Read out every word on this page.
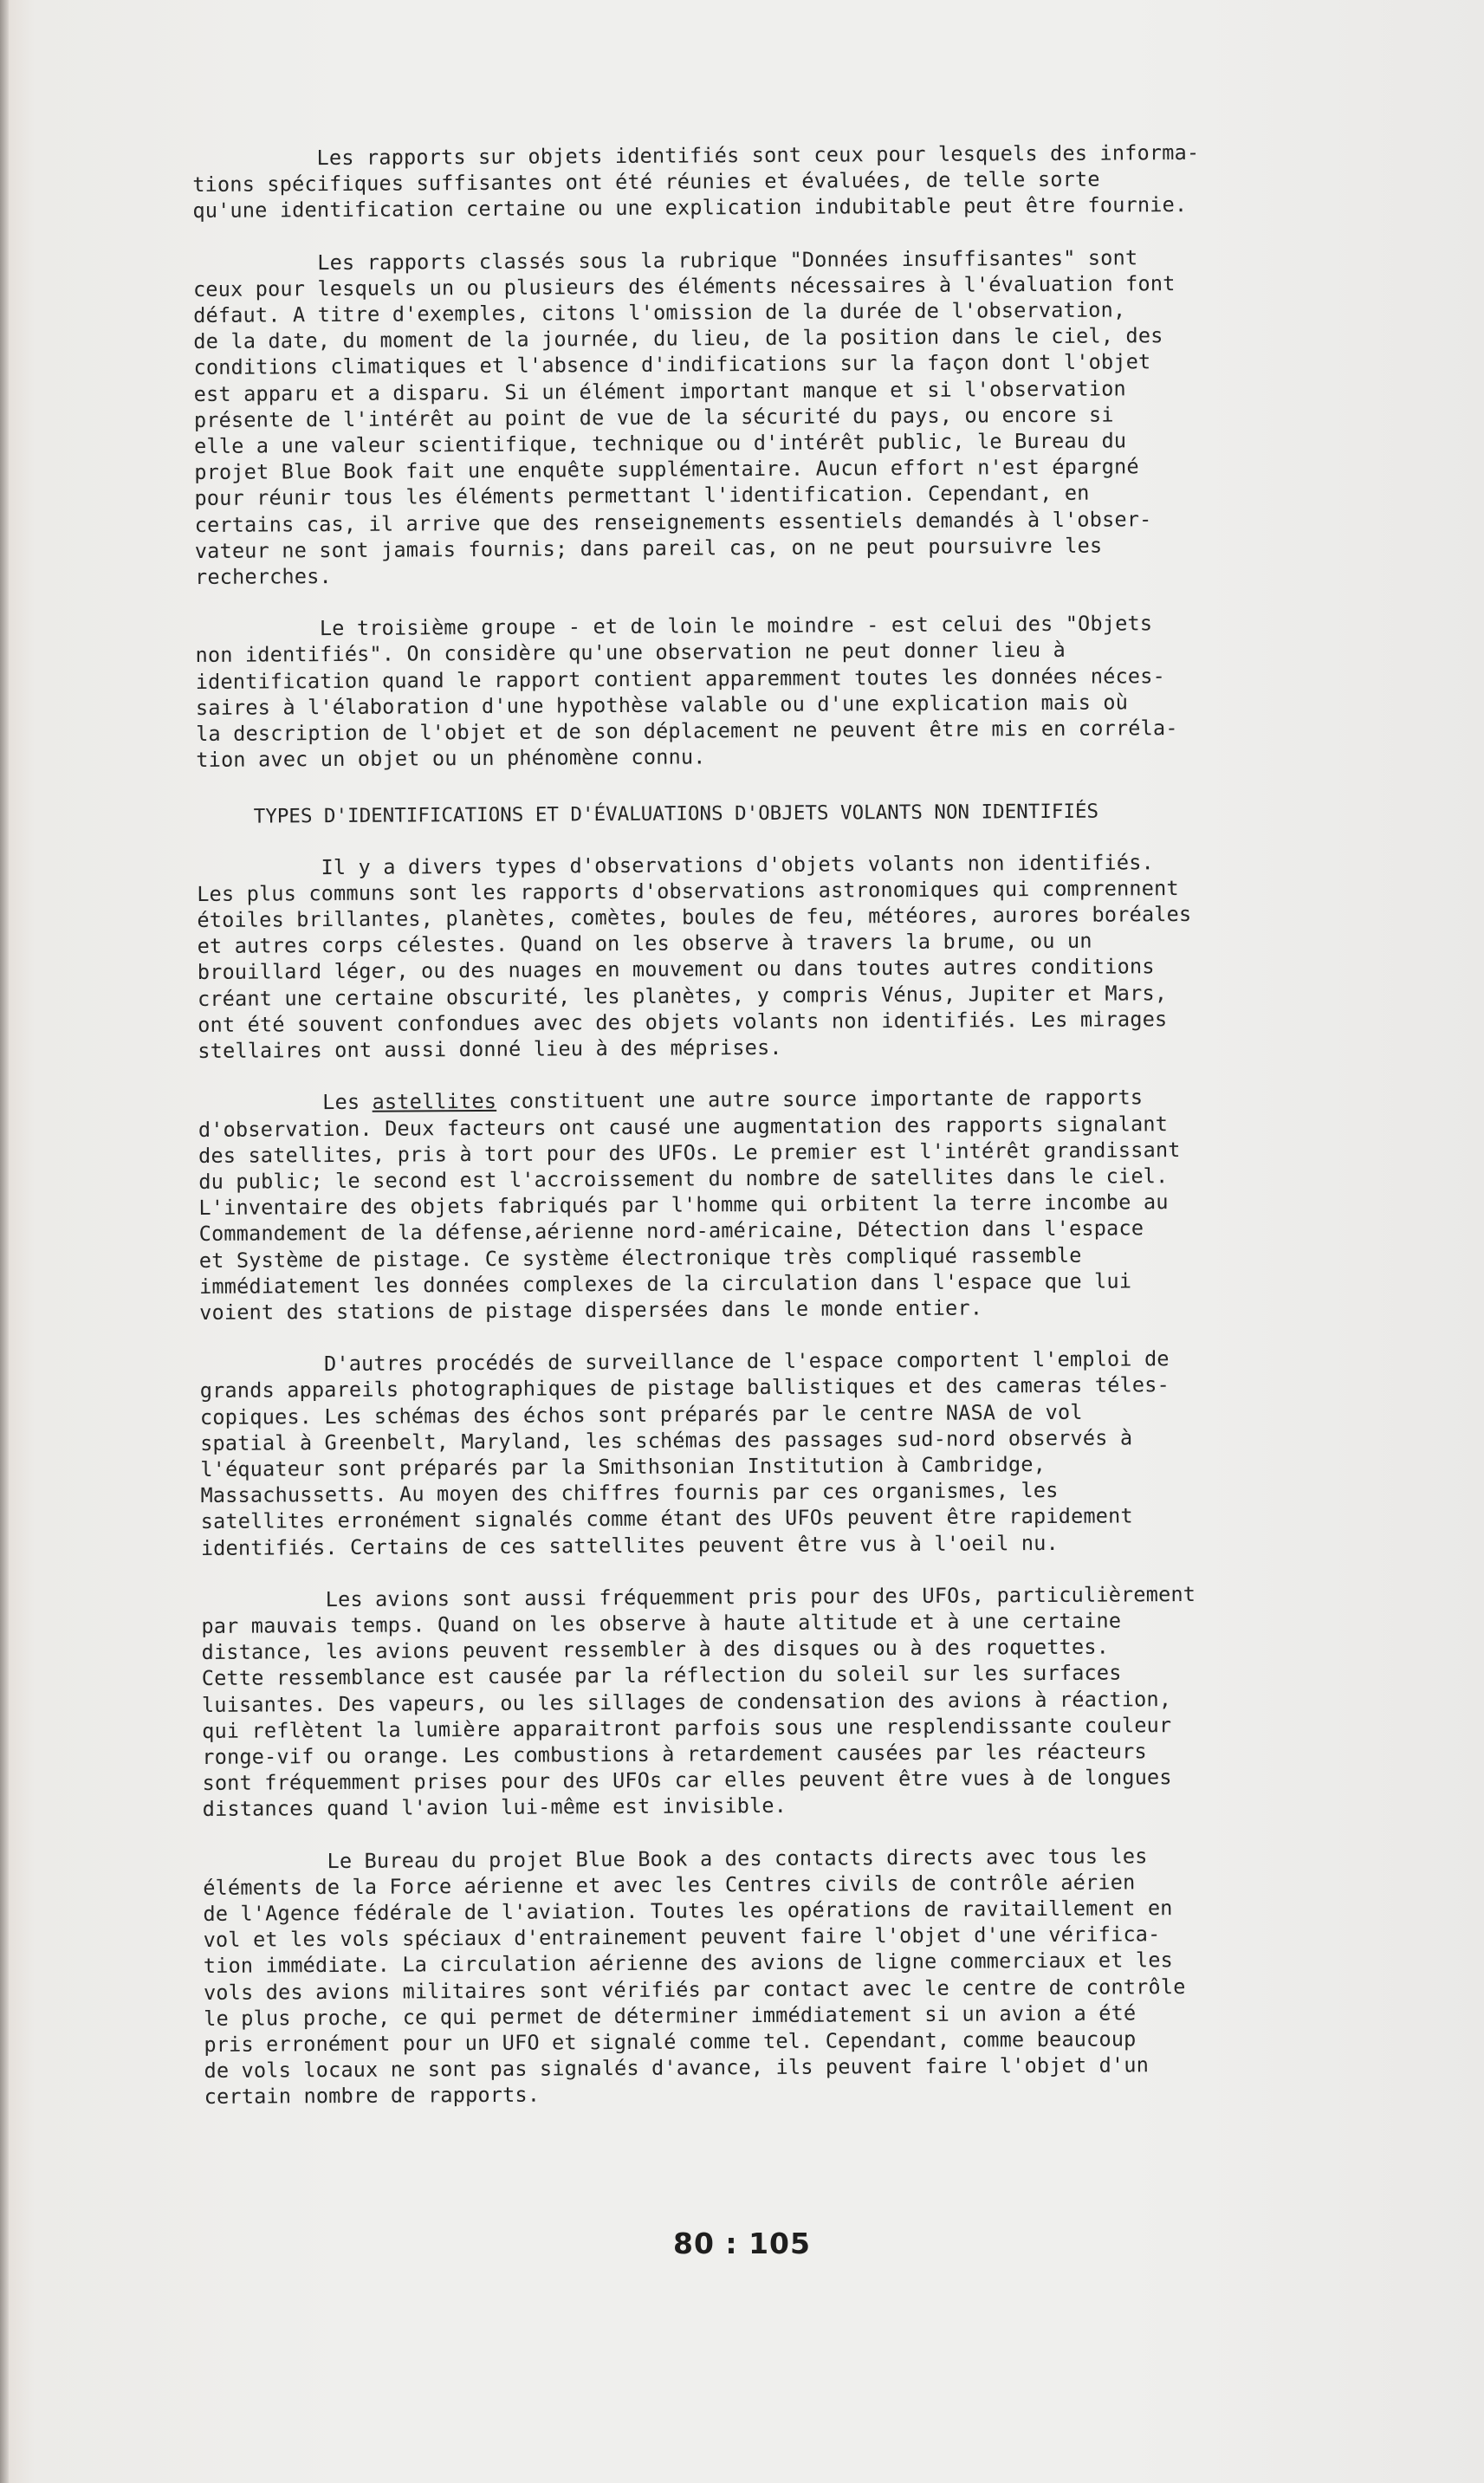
Les rapports sur objets identifiés sont ceux pour lesquels des informa-
tions spécifiques suffisantes ont été réunies et évaluées, de telle sorte
qu'une identification certaine ou une explication indubitable peut être fournie.

Les rapports classés sous la rubrique "Données insuffisantes" sont
ceux pour lesquels un ou plusieurs des éléments nécessaires à l'évaluation font
défaut. A titre d'exemples, citons l'omission de la durée de l'observation,
de la date, du moment de la journée, du lieu, de la position dans le ciel, des
conditions climatiques et l'absence d'indifications sur la façon dont l'objet
est apparu et a disparu. Si un élément important manque et si l'observation
présente de l'intérêt au point de vue de la sécurité du pays, ou encore si
elle a une valeur scientifique, technique ou d'intérêt public, le Bureau du
projet Blue Book fait une enquête supplémentaire. Aucun effort n'est épargné
pour réunir tous les éléments permettant l'identification. Cependant, en
certains cas, il arrive que des renseignements essentiels demandés à l'obser-
vateur ne sont jamais fournis; dans pareil cas, on ne peut poursuivre les
recherches.

Le troisième groupe - et de loin le moindre - est celui des "Objets
non identifiés". On considère qu'une observation ne peut donner lieu à
identification quand le rapport contient apparemment toutes les données néces-
saires à l'élaboration d'une hypothèse valable ou d'une explication mais où
la description de l'objet et de son déplacement ne peuvent être mis en corréla-
tion avec un objet ou un phénomène connu.

TYPES D'IDENTIFICATIONS ET D'ÉVALUATIONS D'OBJETS VOLANTS NON IDENTIFIÉS

Il y a divers types d'observations d'objets volants non identifiés.
Les plus communs sont les rapports d'observations astronomiques qui comprennent
étoiles brillantes, planètes, comètes, boules de feu, météores, aurores boréales
et autres corps célestes. Quand on les observe à travers la brume, ou un
brouillard léger, ou des nuages en mouvement ou dans toutes autres conditions
créant une certaine obscurité, les planètes, y compris Vénus, Jupiter et Mars,
ont été souvent confondues avec des objets volants non identifiés. Les mirages
stellaires ont aussi donné lieu à des méprises.

Les astellites constituent une autre source importante de rapports
d'observation. Deux facteurs ont causé une augmentation des rapports signalant
des satellites, pris à tort pour des UFOs. Le premier est l'intérêt grandissant
du public; le second est l'accroissement du nombre de satellites dans le ciel.
L'inventaire des objets fabriqués par l'homme qui orbitent la terre incombe au
Commandement de la défense,aérienne nord-américaine, Détection dans l'espace
et Système de pistage. Ce système électronique très compliqué rassemble
immédiatement les données complexes de la circulation dans l'espace que lui
voient des stations de pistage dispersées dans le monde entier.

D'autres procédés de surveillance de l'espace comportent l'emploi de
grands appareils photographiques de pistage ballistiques et des cameras téles-
copiques. Les schémas des échos sont préparés par le centre NASA de vol
spatial à Greenbelt, Maryland, les schémas des passages sud-nord observés à
l'équateur sont préparés par la Smithsonian Institution à Cambridge,
Massachussetts. Au moyen des chiffres fournis par ces organismes, les
satellites erronément signalés comme étant des UFOs peuvent être rapidement
identifiés. Certains de ces sattellites peuvent être vus à l'oeil nu.

Les avions sont aussi fréquemment pris pour des UFOs, particulièrement
par mauvais temps. Quand on les observe à haute altitude et à une certaine
distance, les avions peuvent ressembler à des disques ou à des roquettes.
Cette ressemblance est causée par la réflection du soleil sur les surfaces
luisantes. Des vapeurs, ou les sillages de condensation des avions à réaction,
qui reflètent la lumière apparaitront parfois sous une resplendissante couleur
ronge-vif ou orange. Les combustions à retardement causées par les réacteurs
sont fréquemment prises pour des UFOs car elles peuvent être vues à de longues
distances quand l'avion lui-même est invisible.

Le Bureau du projet Blue Book a des contacts directs avec tous les
éléments de la Force aérienne et avec les Centres civils de contrôle aérien
de l'Agence fédérale de l'aviation. Toutes les opérations de ravitaillement en
vol et les vols spéciaux d'entrainement peuvent faire l'objet d'une vérifica-
tion immédiate. La circulation aérienne des avions de ligne commerciaux et les
vols des avions militaires sont vérifiés par contact avec le centre de contrôle
le plus proche, ce qui permet de déterminer immédiatement si un avion a été
pris erronément pour un UFO et signalé comme tel. Cependant, comme beaucoup
de vols locaux ne sont pas signalés d'avance, ils peuvent faire l'objet d'un
certain nombre de rapports.

80 : 105
